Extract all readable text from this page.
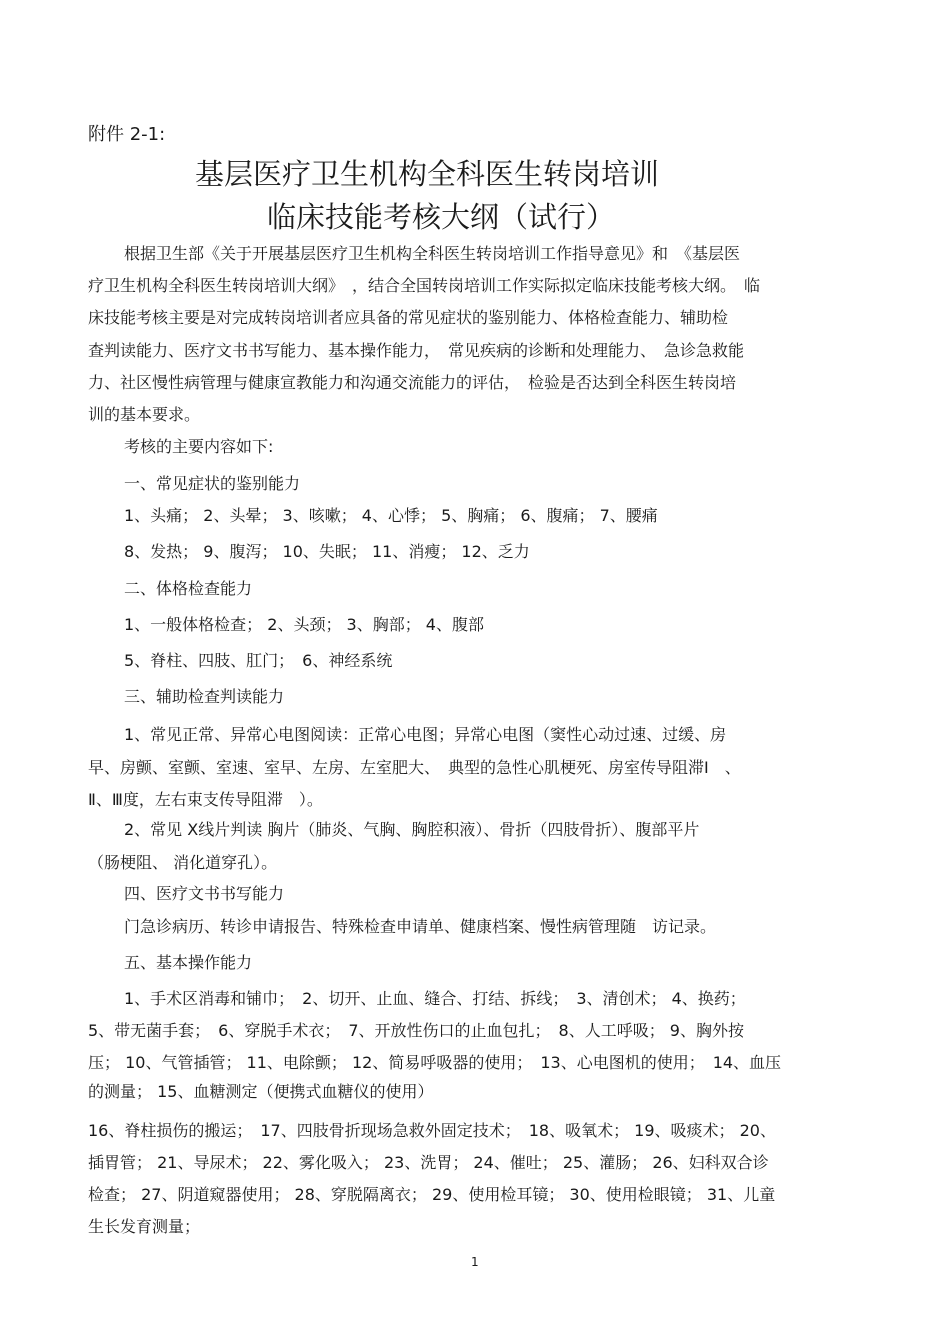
附件 2-1:
基层医疗卫生机构全科医生转岗培训
临床技能考核大纲（试行）
根据卫生部《关于开展基层医疗卫生机构全科医生转岗培训工作指导意见》和　《基层医
疗卫生机构全科医生转岗培训大纲》　，结合全国转岗培训工作实际拟定临床技能考核大纲。　临
床技能考核主要是对完成转岗培训者应具备的常见症状的鉴别能力、体格检查能力、辅助检
查判读能力、医疗文书书写能力、基本操作能力，　常见疾病的诊断和处理能力、　急诊急救能
力、社区慢性病管理与健康宣教能力和沟通交流能力的评估，　检验是否达到全科医生转岗培
训的基本要求。
考核的主要内容如下:
一、常见症状的鉴别能力
1、头痛； 2、头晕； 3、咳嗽； 4、心悸； 5、胸痛； 6、腹痛； 7、腰痛
8、发热； 9、腹泻； 10、失眠； 11、消瘦； 12、乏力
二、体格检查能力
1、一般体格检查； 2、头颈； 3、胸部； 4、腹部
5、脊柱、四肢、肛门；　6、神经系统
三、辅助检查判读能力
1、常见正常、异常心电图阅读：正常心电图；异常心电图（窦性心动过速、过缓、房
早、房颤、室颤、室速、室早、左房、左室肥大、　典型的急性心肌梗死、房室传导阻滞Ⅰ　、
Ⅱ、Ⅲ度，左右束支传导阻滞　）。
2、常见 X线片判读 胸片（肺炎、气胸、胸腔积液）、骨折（四肢骨折）、腹部平片
（肠梗阻、 消化道穿孔）。
四、医疗文书书写能力
门急诊病历、转诊申请报告、特殊检查申请单、健康档案、慢性病管理随　访记录。
五、基本操作能力
1、手术区消毒和铺巾；　2、切开、止血、缝合、打结、拆线；　3、清创术； 4、换药；
5、带无菌手套；　6、穿脱手术衣；　7、开放性伤口的止血包扎；　8、人工呼吸； 9、胸外按
压； 10、气管插管； 11、电除颤； 12、简易呼吸器的使用；　13、心电图机的使用；　14、血压
的测量； 15、血糖测定（便携式血糖仪的使用）
16、脊柱损伤的搬运；　17、四肢骨折现场急救外固定技术；　18、吸氧术； 19、吸痰术； 20、
插胃管； 21、导尿术； 22、雾化吸入； 23、洗胃； 24、催吐； 25、灌肠； 26、妇科双合诊
检查； 27、阴道窥器使用； 28、穿脱隔离衣； 29、使用检耳镜； 30、使用检眼镜； 31、儿童
生长发育测量；
1
